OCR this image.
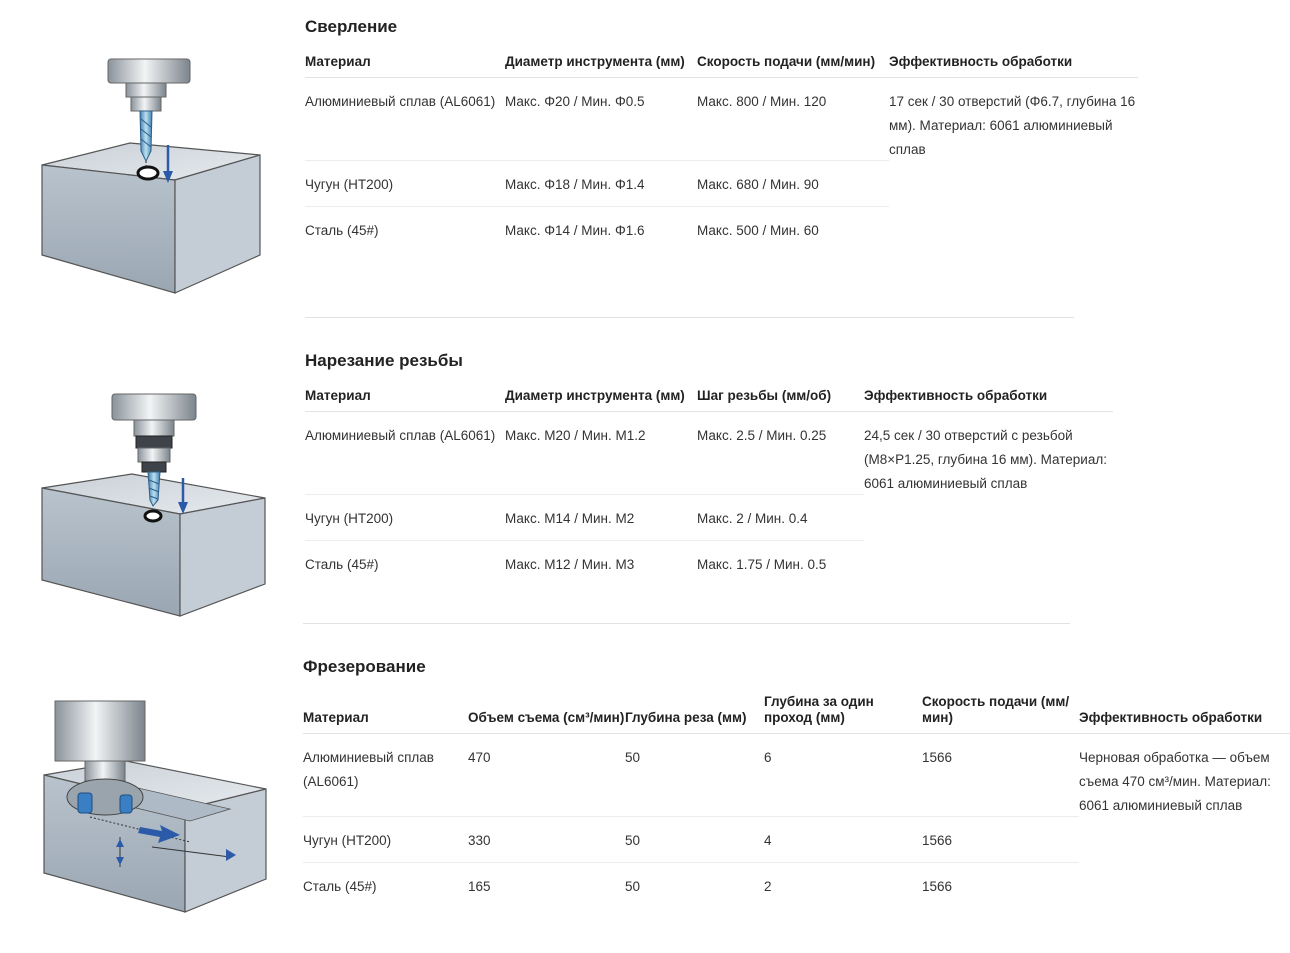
Сверление
Материал	Диаметр инструмента (мм)	Скорость подачи (мм/мин)	Эффективность обработки
Алюминиевый сплав (AL6061)	Макс. Φ20 / Мин. Φ0.5	Макс. 800 / Мин. 120	17 сек / 30 отверстий (Φ6.7, глубина 16 мм). Материал: 6061 алюминиевый сплав
Чугун (HT200)	Макс. Φ18 / Мин. Φ1.4	Макс. 680 / Мин. 90	
Сталь (45#)	Макс. Φ14 / Мин. Φ1.6	Макс. 500 / Мин. 60	
Нарезание резьбы
Материал	Диаметр инструмента (мм)	Шаг резьбы (мм/об)	Эффективность обработки
Алюминиевый сплав (AL6061)	Макс. M20 / Мин. M1.2	Макс. 2.5 / Мин. 0.25	24,5 сек / 30 отверстий с резьбой (M8×P1.25, глубина 16 мм). Материал: 6061 алюминиевый сплав
Чугун (HT200)	Макс. M14 / Мин. M2	Макс. 2 / Мин. 0.4	
Сталь (45#)	Макс. M12 / Мин. M3	Макс. 1.75 / Мин. 0.5	
Фрезерование
Материал	Объем съема (см³/мин)	Глубина реза (мм)	Глубина за один проход (мм)	Скорость подачи (мм/мин)	Эффективность обработки
Алюминиевый сплав (AL6061)	470	50	6	1566	Черновая обработка — объем съема 470 см³/мин. Материал: 6061 алюминиевый сплав
Чугун (HT200)	330	50	4	1566	
Сталь (45#)	165	50	2	1566	
